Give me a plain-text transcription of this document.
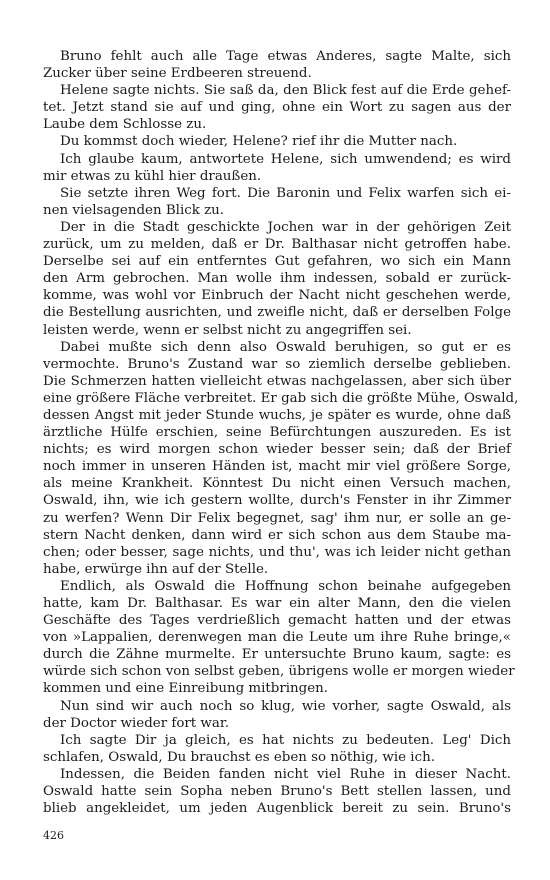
Bruno fehlt auch alle Tage etwas Anderes, sagte Malte, sich
Zucker über seine Erdbeeren streuend.
Helene sagte nichts. Sie saß da, den Blick fest auf die Erde gehef-
tet. Jetzt stand sie auf und ging, ohne ein Wort zu sagen aus der
Laube dem Schlosse zu.
Du kommst doch wieder, Helene? rief ihr die Mutter nach.
Ich glaube kaum, antwortete Helene, sich umwendend; es wird
mir etwas zu kühl hier draußen.
Sie setzte ihren Weg fort. Die Baronin und Felix warfen sich ei-
nen vielsagenden Blick zu.
Der in die Stadt geschickte Jochen war in der gehörigen Zeit
zurück, um zu melden, daß er Dr. Balthasar nicht getroffen habe.
Derselbe sei auf ein entferntes Gut gefahren, wo sich ein Mann
den Arm gebrochen. Man wolle ihm indessen, sobald er zurück-
komme, was wohl vor Einbruch der Nacht nicht geschehen werde,
die Bestellung ausrichten, und zweifle nicht, daß er derselben Folge
leisten werde, wenn er selbst nicht zu angegriffen sei.
Dabei mußte sich denn also Oswald beruhigen, so gut er es
vermochte. Bruno's Zustand war so ziemlich derselbe geblieben.
Die Schmerzen hatten vielleicht etwas nachgelassen, aber sich über
eine größere Fläche verbreitet. Er gab sich die größte Mühe, Oswald,
dessen Angst mit jeder Stunde wuchs, je später es wurde, ohne daß
ärztliche Hülfe erschien, seine Befürchtungen auszureden. Es ist
nichts; es wird morgen schon wieder besser sein; daß der Brief
noch immer in unseren Händen ist, macht mir viel größere Sorge,
als meine Krankheit. Könntest Du nicht einen Versuch machen,
Oswald, ihn, wie ich gestern wollte, durch's Fenster in ihr Zimmer
zu werfen? Wenn Dir Felix begegnet, sag' ihm nur, er solle an ge-
stern Nacht denken, dann wird er sich schon aus dem Staube ma-
chen; oder besser, sage nichts, und thu', was ich leider nicht gethan
habe, erwürge ihn auf der Stelle.
Endlich, als Oswald die Hoffnung schon beinahe aufgegeben
hatte, kam Dr. Balthasar. Es war ein alter Mann, den die vielen
Geschäfte des Tages verdrießlich gemacht hatten und der etwas
von »Lappalien, derenwegen man die Leute um ihre Ruhe bringe,«
durch die Zähne murmelte. Er untersuchte Bruno kaum, sagte: es
würde sich schon von selbst geben, übrigens wolle er morgen wieder
kommen und eine Einreibung mitbringen.
Nun sind wir auch noch so klug, wie vorher, sagte Oswald, als
der Doctor wieder fort war.
Ich sagte Dir ja gleich, es hat nichts zu bedeuten. Leg' Dich
schlafen, Oswald, Du brauchst es eben so nöthig, wie ich.
Indessen, die Beiden fanden nicht viel Ruhe in dieser Nacht.
Oswald hatte sein Sopha neben Bruno's Bett stellen lassen, und
blieb angekleidet, um jeden Augenblick bereit zu sein. Bruno's
426
